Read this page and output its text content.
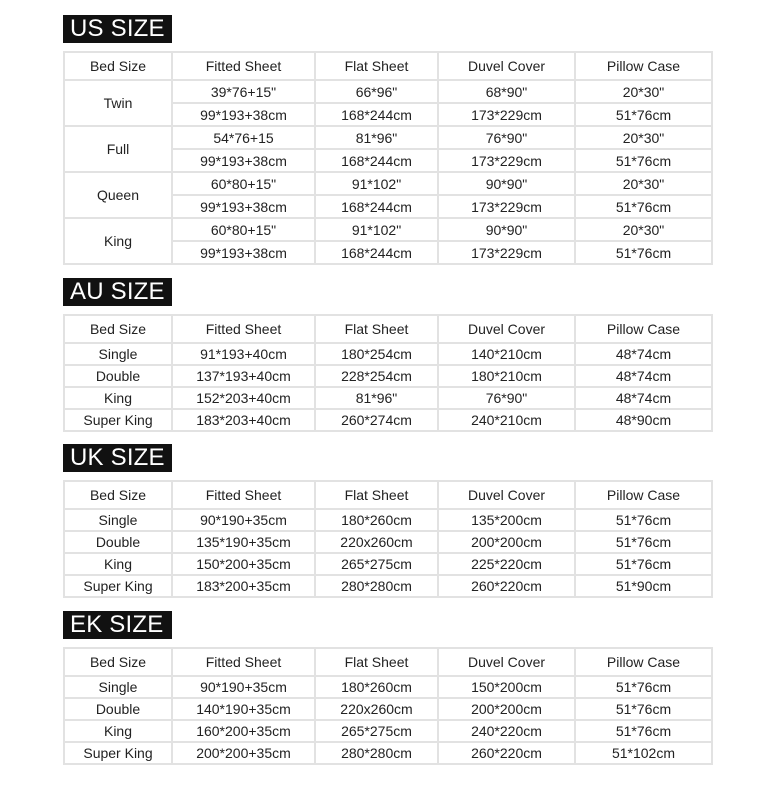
US SIZE
Bed Size	Fitted Sheet	Flat Sheet	Duvel Cover	Pillow Case
Twin	39*76+15"	66*96"	68*90"	20*30"
	99*193+38cm	168*244cm	173*229cm	51*76cm
Full	54*76+15	81*96"	76*90"	20*30"
	99*193+38cm	168*244cm	173*229cm	51*76cm
Queen	60*80+15"	91*102"	90*90"	20*30"
	99*193+38cm	168*244cm	173*229cm	51*76cm
King	60*80+15"	91*102"	90*90"	20*30"
	99*193+38cm	168*244cm	173*229cm	51*76cm
AU SIZE
Bed Size	Fitted Sheet	Flat Sheet	Duvel Cover	Pillow Case
Single	91*193+40cm	180*254cm	140*210cm	48*74cm
Double	137*193+40cm	228*254cm	180*210cm	48*74cm
King	152*203+40cm	81*96"	76*90"	48*74cm
Super King	183*203+40cm	260*274cm	240*210cm	48*90cm
UK SIZE
Bed Size	Fitted Sheet	Flat Sheet	Duvel Cover	Pillow Case
Single	90*190+35cm	180*260cm	135*200cm	51*76cm
Double	135*190+35cm	220x260cm	200*200cm	51*76cm
King	150*200+35cm	265*275cm	225*220cm	51*76cm
Super King	183*200+35cm	280*280cm	260*220cm	51*90cm
EK SIZE
Bed Size	Fitted Sheet	Flat Sheet	Duvel Cover	Pillow Case
Single	90*190+35cm	180*260cm	150*200cm	51*76cm
Double	140*190+35cm	220x260cm	200*200cm	51*76cm
King	160*200+35cm	265*275cm	240*220cm	51*76cm
Super King	200*200+35cm	280*280cm	260*220cm	51*102cm
